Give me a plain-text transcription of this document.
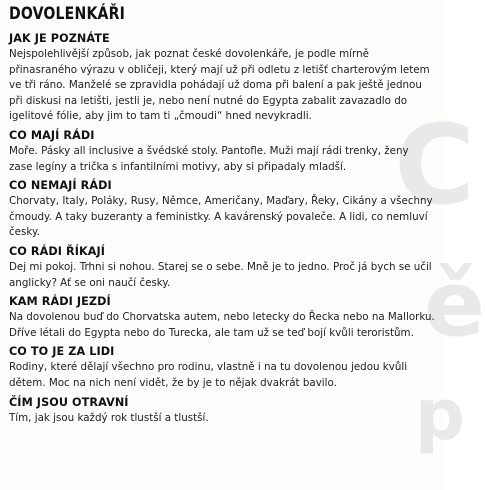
C
ě
p
DOVOLENKÁŘI
JAK JE POZNÁTE
Nejspolehlivější způsob, jak poznat české dovolenkáře, je podle mírně přinasraného výrazu v obličeji, který mají už při odletu z letišť charterovým letem ve tři ráno. Manželé se zpravidla pohádají už doma při balení a pak ještě jednou při diskusi na letišti, jestli je, nebo není nutné do Egypta zabalit zavazadlo do igelitové fólie, aby jim to tam ti „čmoudi“ hned nevykradli.
CO MAJÍ RÁDI
Moře. Pásky all inclusive a švédské stoly. Pantofle. Muži mají rádi trenky, ženy zase legíny a trička s infantilními motivy, aby si připadaly mladší.
CO NEMAJÍ RÁDI
Chorvaty, Italy, Poláky, Rusy, Němce, Američany, Maďary, Řeky, Cikány a všechny čmoudy. A taky buzeranty a feministky. A kavárenský povaleče. A lidi, co nemluví česky.
CO RÁDI ŘÍKAJÍ
Dej mi pokoj. Trhni si nohou. Starej se o sebe. Mně je to jedno. Proč já bych se učil anglicky? Ať se oni naučí česky.
KAM RÁDI JEZDÍ
Na dovolenou buď do Chorvatska autem, nebo letecky do Řecka nebo na Mallorku. Dříve létali do Egypta nebo do Turecka, ale tam už se teď bojí kvůli teroristům.
CO TO JE ZA LIDI
Rodiny, které dělají všechno pro rodinu, vlastně i na tu dovolenou jedou kvůli dětem. Moc na nich není vidět, že by je to nějak dvakrát bavilo.
ČÍM JSOU OTRAVNÍ
Tím, jak jsou každý rok tlustší a tlustší.
